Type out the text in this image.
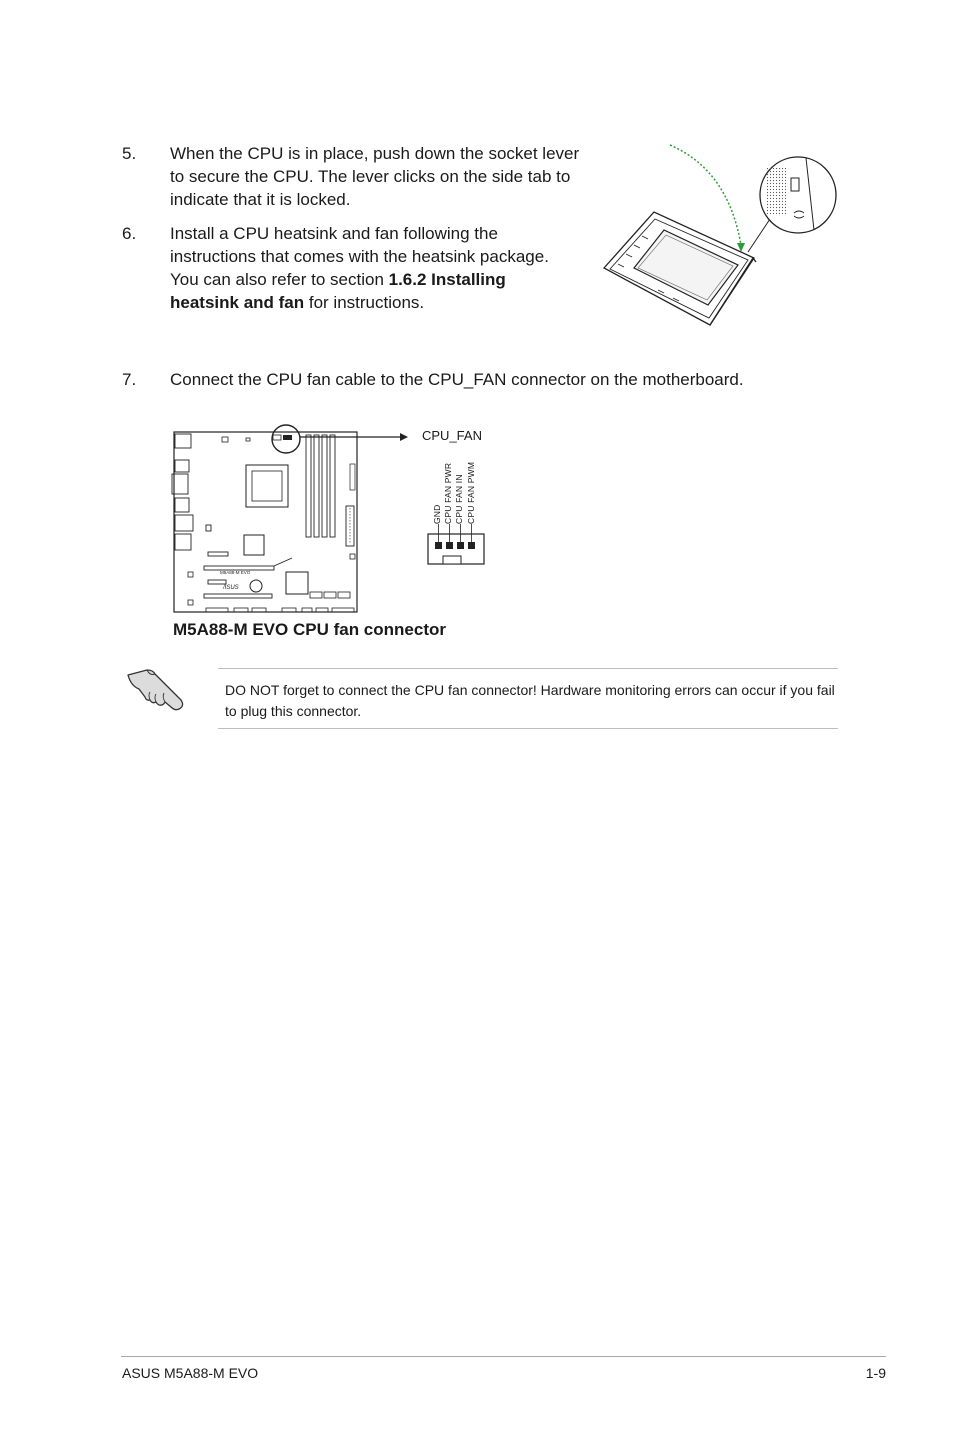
5. When the CPU is in place, push down the socket lever to secure the CPU. The lever clicks on the side tab to indicate that it is locked.
6. Install a CPU heatsink and fan following the instructions that comes with the heatsink package. You can also refer to section 1.6.2 Installing heatsink and fan for instructions.
7. Connect the CPU fan cable to the CPU_FAN connector on the motherboard.
/ISUS
M5A88-M EVO
CPU_FAN
GND CPU FAN PWR CPU FAN IN CPU FAN PWM
M5A88-M EVO CPU fan connector
DO NOT forget to connect the CPU fan connector! Hardware monitoring errors can occur if you fail to plug this connector.
ASUS M5A88-M EVO	1-9
